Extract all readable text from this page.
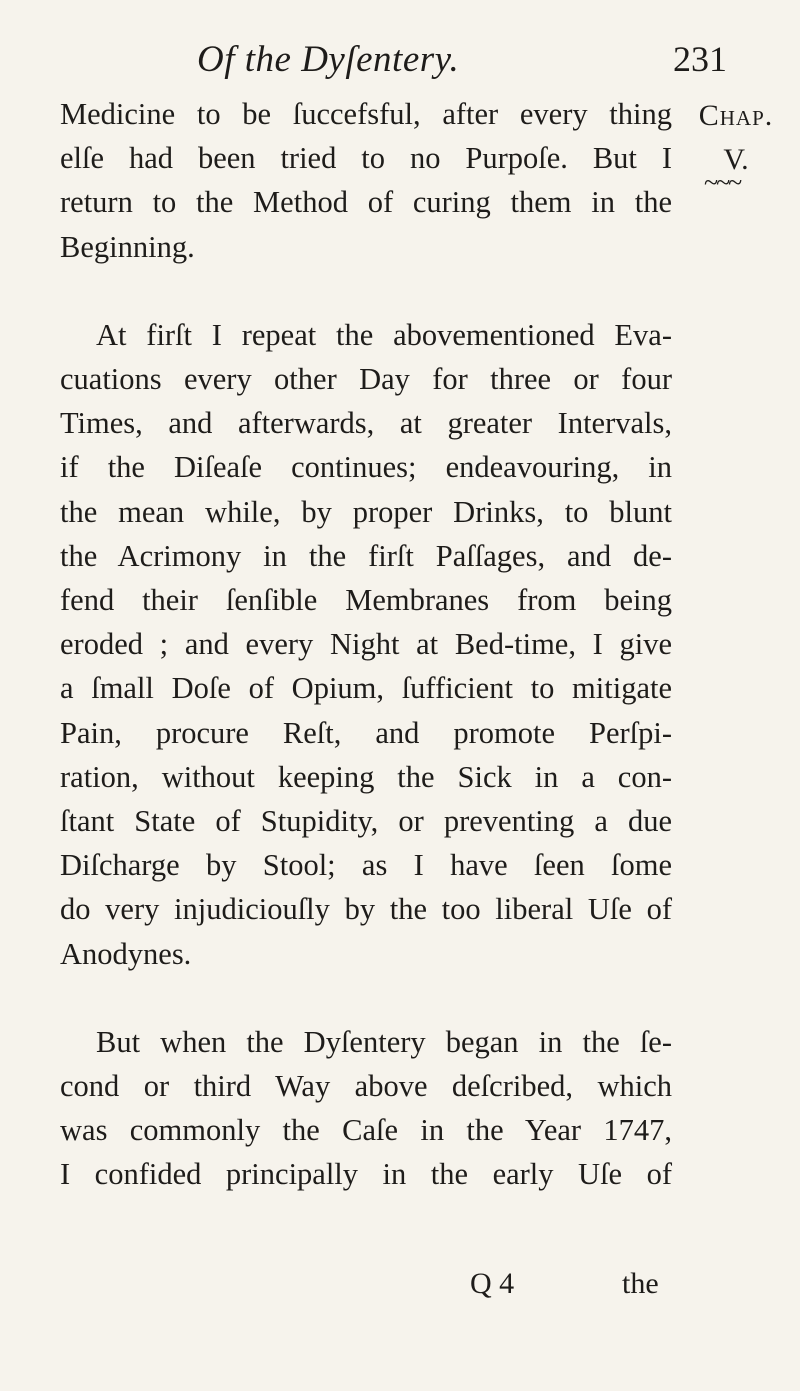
Of the Dyſentery.	231
Chap.
V.
~~~
Medicine to be ſuccefsful, after every thing
elſe had been tried to no Purpoſe. But I
return to the Method of curing them in the
Beginning.
At firſt I repeat the abovementioned Eva-
cuations every other Day for three or four
Times, and afterwards, at greater Intervals,
if the Diſeaſe continues; endeavouring, in
the mean while, by proper Drinks, to blunt
the Acrimony in the firſt Paſſages, and de-
fend their ſenſible Membranes from being
eroded ; and every Night at Bed-time, I give
a ſmall Doſe of Opium, ſufficient to mitigate
Pain, procure Reſt, and promote Perſpi-
ration, without keeping the Sick in a con-
ſtant State of Stupidity, or preventing a due
Diſcharge by Stool; as I have ſeen ſome
do very injudiciouſly by the too liberal Uſe of
Anodynes.
But when the Dyſentery began in the ſe-
cond or third Way above deſcribed, which
was commonly the Caſe in the Year 1747,
I confided principally in the early Uſe of
Q 4	the
